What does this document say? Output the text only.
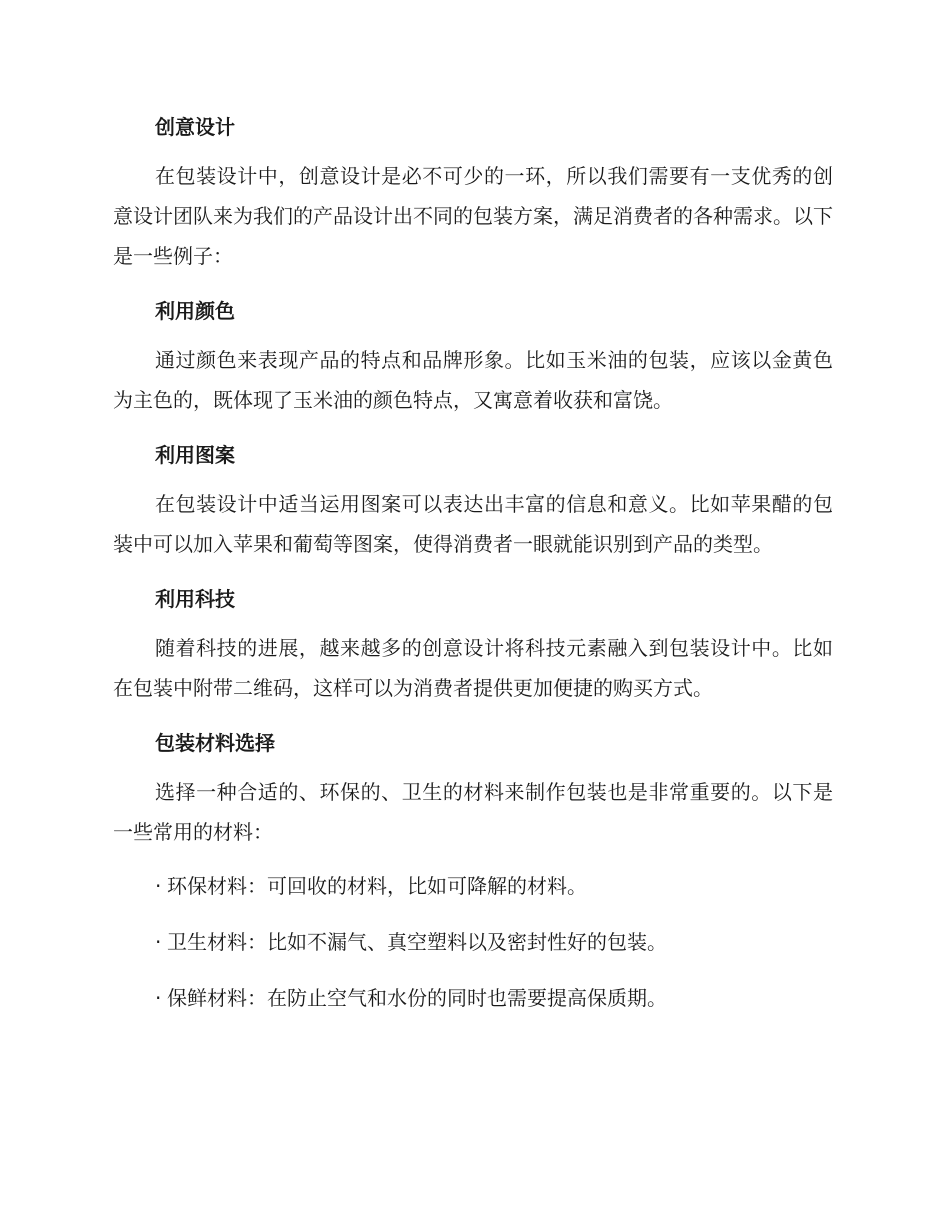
创意设计

在包装设计中，创意设计是必不可少的一环，所以我们需要有一支优秀的创意设计团队来为我们的产品设计出不同的包装方案，满足消费者的各种需求。以下是一些例子：

利用颜色

通过颜色来表现产品的特点和品牌形象。比如玉米油的包装，应该以金黄色为主色的，既体现了玉米油的颜色特点，又寓意着收获和富饶。

利用图案

在包装设计中适当运用图案可以表达出丰富的信息和意义。比如苹果醋的包装中可以加入苹果和葡萄等图案，使得消费者一眼就能识别到产品的类型。

利用科技

随着科技的进展，越来越多的创意设计将科技元素融入到包装设计中。比如在包装中附带二维码，这样可以为消费者提供更加便捷的购买方式。

包装材料选择

选择一种合适的、环保的、卫生的材料来制作包装也是非常重要的。以下是一些常用的材料：

· 环保材料：可回收的材料，比如可降解的材料。
· 卫生材料：比如不漏气、真空塑料以及密封性好的包装。
· 保鲜材料：在防止空气和水份的同时也需要提高保质期。
